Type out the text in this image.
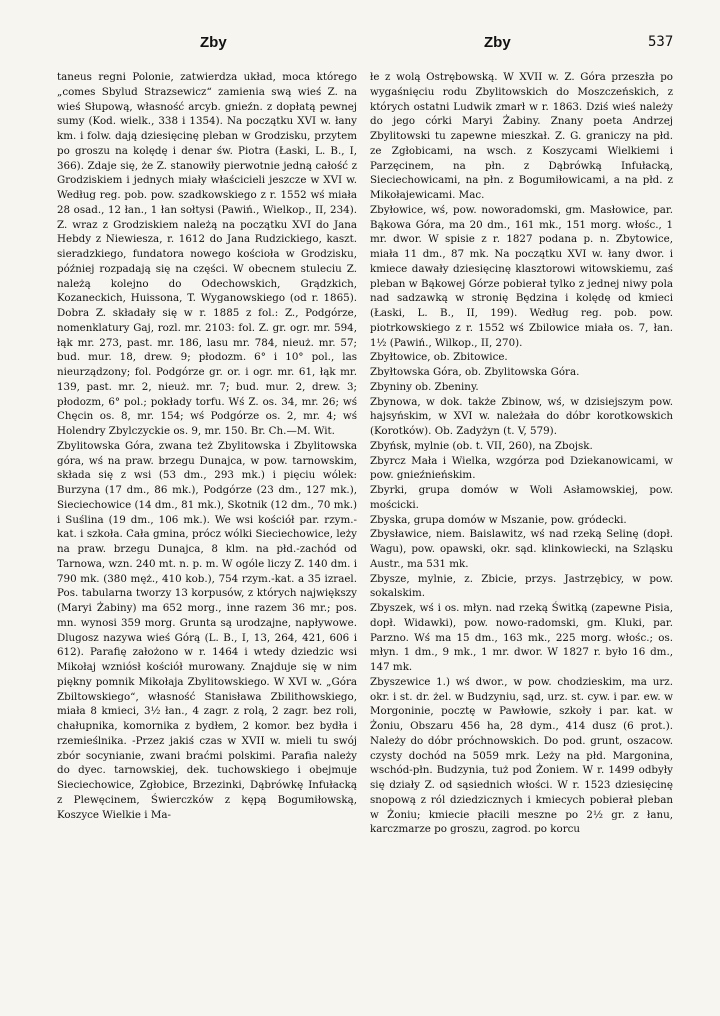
Zby	Zby	537

taneus regni Polonie, zatwierdza układ, moca którego „comes Sbylud Strazsewicz“ zamienia swą wieś Z. na wieś Słupową, własność arcyb. gnieźn. z dopłatą pewnej sumy (Kod. wielk., 338 i 1354). Na początku XVI w. łany km. i folw. dają dziesięcinę pleban w Grodzisku, przytem po groszu na kolędę i denar św. Piotra (Łaski, L. B., I, 366). Zdaje się, że Z. stanowiły pierwotnie jedną całość z Grodziskiem i jednych miały właścicieli jeszcze w XVI w. Według reg. pob. pow. szadkowskiego z r. 1552 wś miała 28 osad., 12 łan., 1 łan sołtysi (Pawiń., Wielkop., II, 234). Z. wraz z Grodziskiem należą na początku XVI do Jana Hebdy z Niewiesza, r. 1612 do Jana Rudzickiego, kaszt. sieradzkiego, fundatora nowego kościoła w Grodzisku, później rozpadają się na części. W obecnem stuleciu Z. należą kolejno do Odechowskich, Grądzkich, Kozaneckich, Huissona, T. Wyganowskiego (od r. 1865). Dobra Z. składały się w r. 1885 z fol.: Z., Podgórze, nomenklatury Gaj, rozl. mr. 2103: fol. Z. gr. ogr. mr. 594, łąk mr. 273, past. mr. 186, lasu mr. 784, nieuż. mr. 57; bud. mur. 18, drew. 9; płodozm. 6° i 10° pol., las nieurządzony; fol. Podgórze gr. or. i ogr. mr. 61, łąk mr. 139, past. mr. 2, nieuż. mr. 7; bud. mur. 2, drew. 3; płodozm, 6° pol.; pokłady torfu. Wś Z. os. 34, mr. 26; wś Chęcin os. 8, mr. 154; wś Podgórze os. 2, mr. 4; wś Holendry Zbylczyckie os. 9, mr. 150. Br. Ch.—M. Wit.

Zbylitowska Góra, zwana też Zbylitowska i Zbylitowska góra, wś na praw. brzegu Dunajca, w pow. tarnowskim, składa się z wsi (53 dm., 293 mk.) i pięciu wólek: Burzyna (17 dm., 86 mk.), Podgórze (23 dm., 127 mk.), Sieciechowice (14 dm., 81 mk.), Skotnik (12 dm., 70 mk.) i Suślina (19 dm., 106 mk.). We wsi kościół par. rzym.-kat. i szkoła. Cała gmina, prócz wólki Sieciechowice, leży na praw. brzegu Dunajca, 8 klm. na płd.-zachód od Tarnowa, wzn. 240 mt. n. p. m. W ogóle liczy Z. 140 dm. i 790 mk. (380 męż., 410 kob.), 754 rzym.-kat. a 35 izrael. Pos. tabularna tworzy 13 korpusów, z których największy (Maryi Żabiny) ma 652 morg., inne razem 36 mr.; pos. mn. wynosi 359 morg. Grunta są urodzajne, napływowe. Dlugosz nazywa wieś Górą (L. B., I, 13, 264, 421, 606 i 612). Parafię założono w r. 1464 i wtedy dziedzic wsi Mikołaj wzniósł kościół murowany. Znajduje się w nim piękny pomnik Mikołaja Zbylitowskiego. W XVI w. „Góra Zbiltowskiego“, własność Stanisława Zbilithowskiego, miała 8 kmieci, 3½ łan., 4 zagr. z rolą, 2 zagr. bez roli, chałupnika, komornika z bydłem, 2 komor. bez bydła i rzemieślnika. -Przez jakiś czas w XVII w. mieli tu swój zbór socynianie, zwani braćmi polskimi. Parafia należy do dyec. tarnowskiej, dek. tuchowskiego i obejmuje Sieciechowice, Zgłobice, Brzezinki, Dąbrówkę Infułacką z Plewęcinem, Świerczków z kępą Bogumiłowską, Koszyce Wielkie i Ma-

łe z wolą Ostrębowską. W XVII w. Z. Góra przeszła po wygaśnięciu rodu Zbylitowskich do Moszczeńskich, z których ostatni Ludwik zmarł w r. 1863. Dziś wieś należy do jego córki Maryi Żabiny. Znany poeta Andrzej Zbylitowski tu zapewne mieszkał. Z. G. graniczy na płd. ze Zgłobicami, na wsch. z Koszycami Wielkiemi i Parzęcinem, na płn. z Dąbrówką Infułacką, Sieciechowicami, na płn. z Bogumiłowicami, a na płd. z Mikołajewicami. Mac.

Zbyłowice, wś, pow. noworadomski, gm. Masłowice, par. Bąkowa Góra, ma 20 dm., 161 mk., 151 morg. włośc., 1 mr. dwor. W spisie z r. 1827 podana p. n. Zbytowice, miała 11 dm., 87 mk. Na początku XVI w. łany dwor. i kmiece dawały dziesięcinę klasztorowi witowskiemu, zaś pleban w Bąkowej Górze pobierał tylko z jednej niwy pola nad sadzawką w stronię Będzina i kolędę od kmieci (Łaski, L. B., II, 199). Według reg. pob. pow. piotrkowskiego z r. 1552 wś Zbilowice miała os. 7, łan. 1½ (Pawiń., Wilkop., II, 270).

Zbyłtowice, ob. Zbitowice.

Zbyłtowska Góra, ob. Zbylitowska Góra.

Zbyniny ob. Zbeniny.

Zbynowa, w dok. także Zbinow, wś, w dzisiejszym pow. hajsyńskim, w XVI w. należała do dóbr korotkowskich (Korotków). Ob. Zadyżyn (t. V, 579).

Zbyńsk, mylnie (ob. t. VII, 260), na Zbojsk.

Zbyrcz Mała i Wielka, wzgórza pod Dziekanowicami, w pow. gnieźnieńskim.

Zbyrki, grupa domów w Woli Asłamowskiej, pow. mościcki.

Zbyska, grupa domów w Mszanie, pow. gródecki.

Zbysławice, niem. Baislawitz, wś nad rzeką Selinę (dopł. Wagu), pow. opawski, okr. sąd. klinkowiecki, na Szląsku Austr., ma 531 mk.

Zbysze, mylnie, z. Zbicie, przys. Jastrzębicy, w pow. sokalskim.

Zbyszek, wś i os. młyn. nad rzeką Świtką (zapewne Pisia, dopł. Widawki), pow. nowo-radomski, gm. Kluki, par. Parzno. Wś ma 15 dm., 163 mk., 225 morg. włośc.; os. młyn. 1 dm., 9 mk., 1 mr. dwor. W 1827 r. było 16 dm., 147 mk.

Zbyszewice 1.) wś dwor., w pow. chodzieskim, ma urz. okr. i st. dr. żel. w Budzyniu, sąd, urz. st. cyw. i par. ew. w Morgoninie, pocztę w Pawłowie, szkoły i par. kat. w Żoniu, Obszaru 456 ha, 28 dym., 414 dusz (6 prot.). Należy do dóbr próchnowskich. Do pod. grunt, oszacow. czysty dochód na 5059 mrk. Leży na płd. Margonina, wschód-płn. Budzynia, tuż pod Żoniem. W r. 1499 odbyły się działy Z. od sąsiednich włości. W r. 1523 dziesięcinę snopową z ról dziedzicznych i kmiecych pobierał pleban w Żoniu; kmiecie płacili meszne po 2½ gr. z łanu, karczmarze po groszu, zagrod. po korcu
